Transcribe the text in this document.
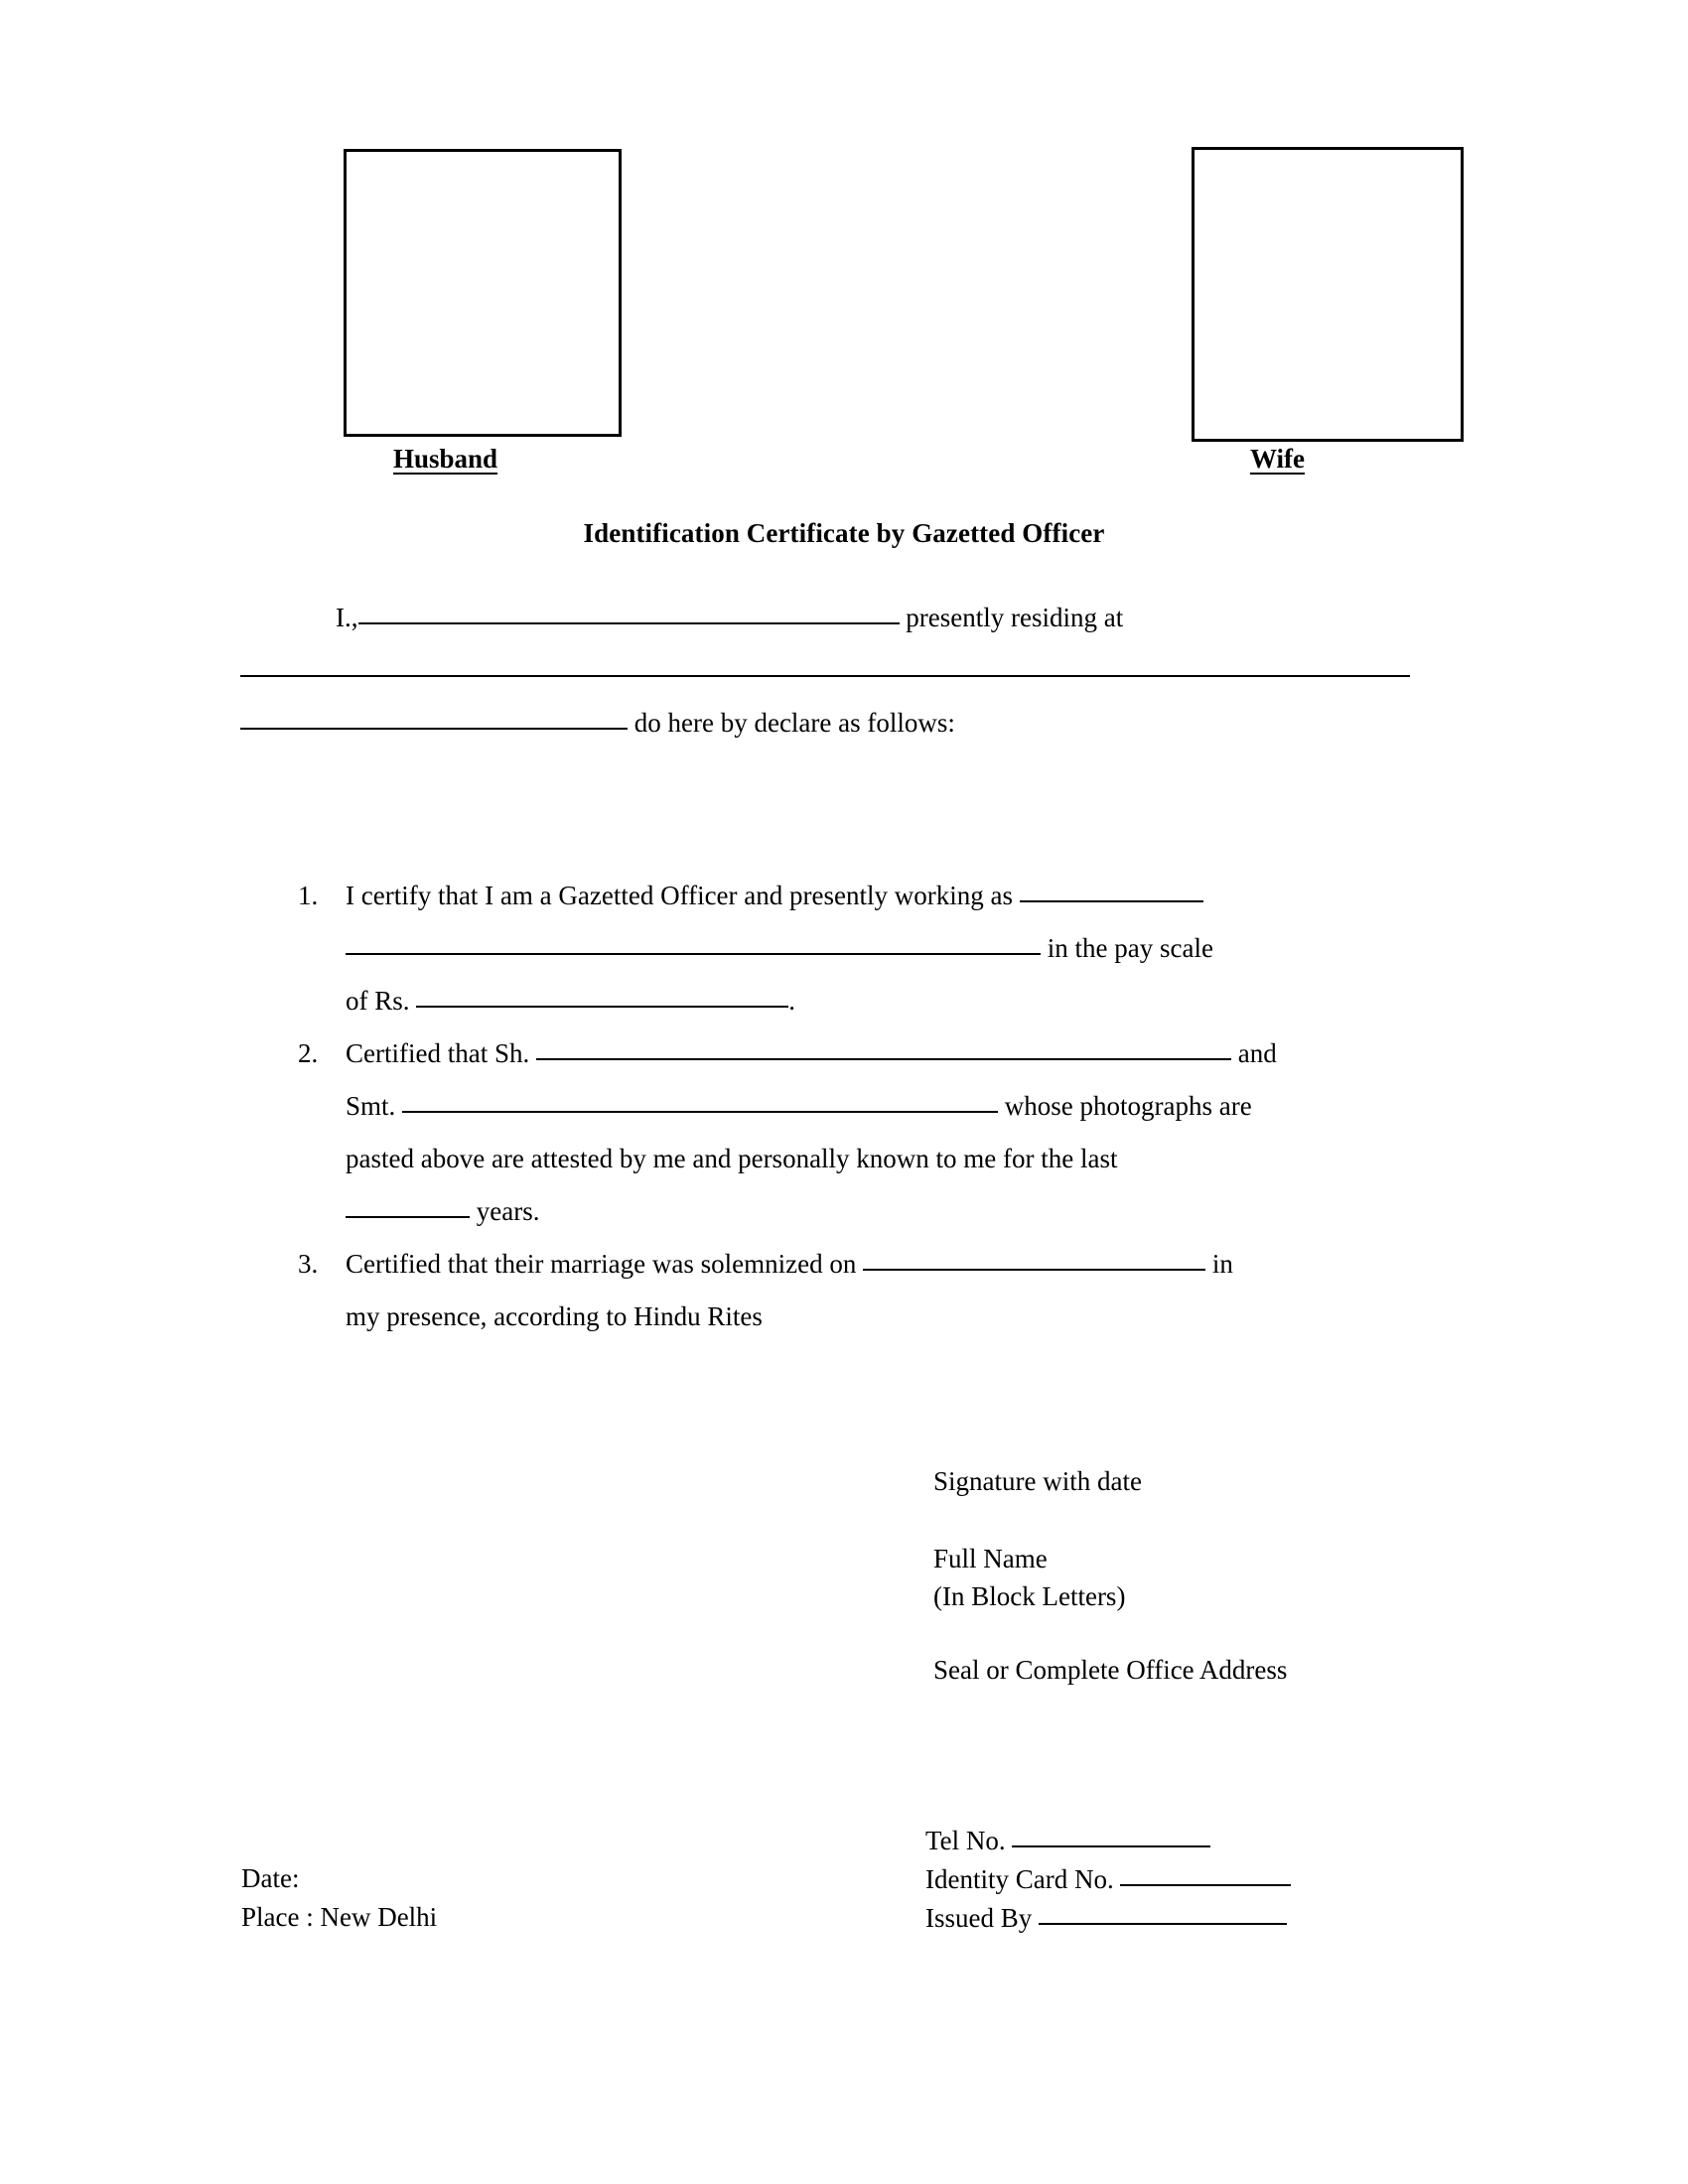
Husband	Wife
Identification Certificate by Gazetted Officer
I.,	presently residing at
do here by declare as follows:
1. I certify that I am a Gazetted Officer and presently working as

in the pay scale

of Rs.	.

2. Certified that Sh.	and

Smt.	whose photographs are

pasted above are attested by me and personally known to me for the last

years.

3. Certified that their marriage was solemnized on	in

my presence, according to Hindu Rites

Signature with date
Full Name
(In Block Letters)
Seal or Complete Office Address
Date:
Place : New Delhi
Tel No.
Identity Card No.
Issued By
